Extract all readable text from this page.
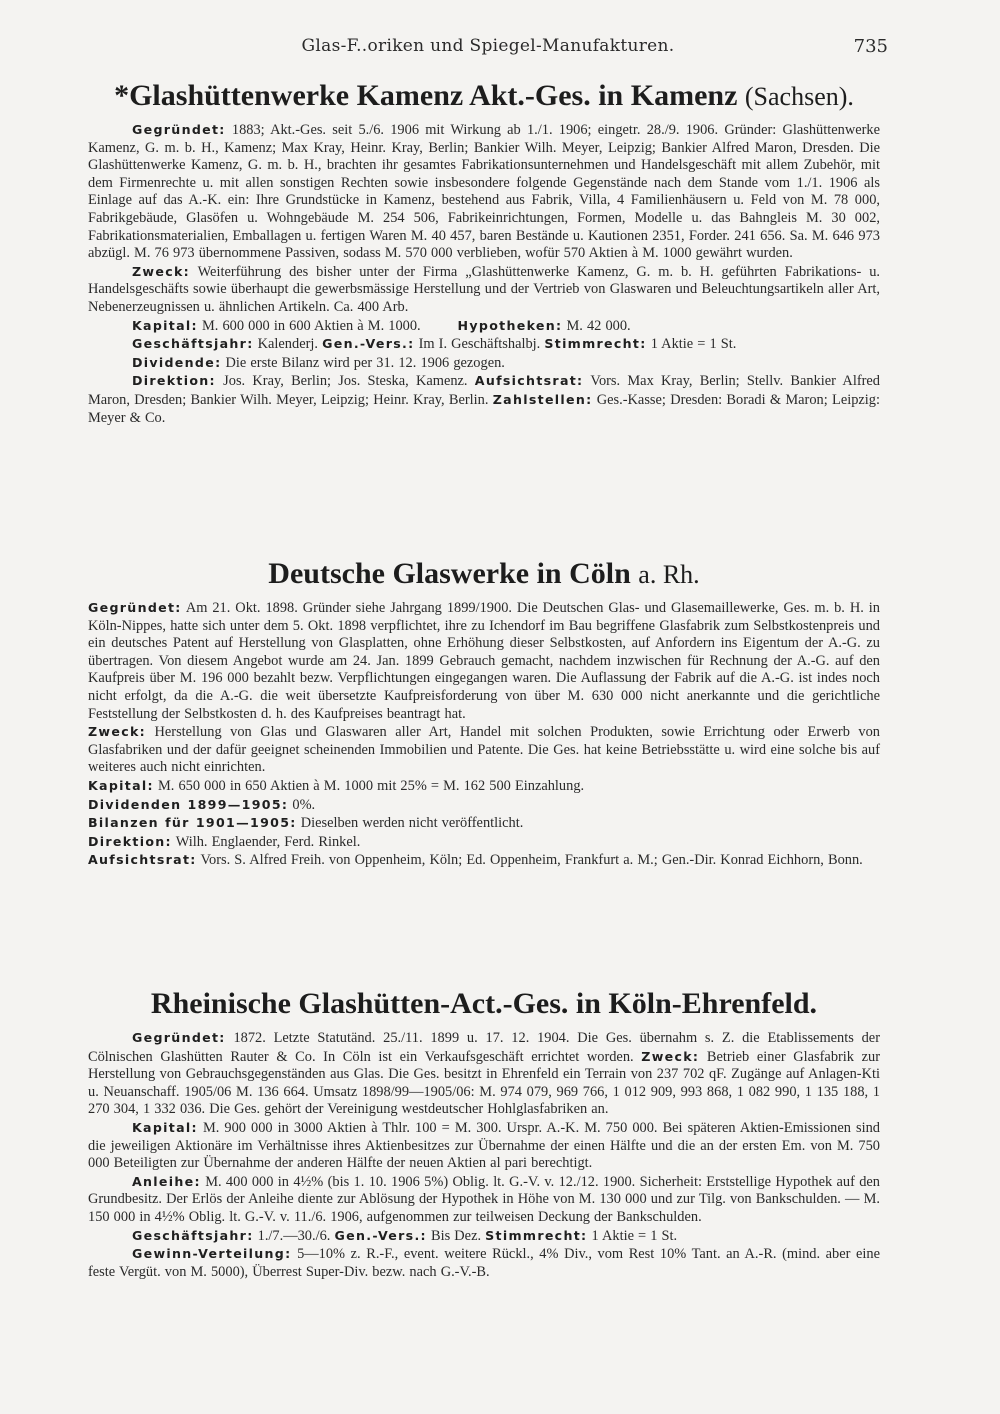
Glas-F..oriken und Spiegel-Manufakturen.	735
*Glashüttenwerke Kamenz Akt.-Ges. in Kamenz (Sachsen).

Gegründet: 1883; Akt.-Ges. seit 5./6. 1906 mit Wirkung ab 1./1. 1906; eingetr. 28./9. 1906. Gründer: Glashüttenwerke Kamenz, G. m. b. H., Kamenz; Max Kray, Heinr. Kray, Berlin; Bankier Wilh. Meyer, Leipzig; Bankier Alfred Maron, Dresden. Die Glashüttenwerke Kamenz, G. m. b. H., brachten ihr gesamtes Fabrikationsunternehmen und Handelsgeschäft mit allem Zubehör, mit dem Firmenrechte u. mit allen sonstigen Rechten sowie insbesondere folgende Gegenstände nach dem Stande vom 1./1. 1906 als Einlage auf das A.-K. ein: Ihre Grundstücke in Kamenz, bestehend aus Fabrik, Villa, 4 Familienhäusern u. Feld von M. 78 000, Fabrikgebäude, Glasöfen u. Wohngebäude M. 254 506, Fabrikeinrichtungen, Formen, Modelle u. das Bahngleis M. 30 002, Fabrikationsmaterialien, Emballagen u. fertigen Waren M. 40 457, baren Bestände u. Kautionen 2351, Forder. 241 656. Sa. M. 646 973 abzügl. M. 76 973 übernommene Passiven, sodass M. 570 000 verblieben, wofür 570 Aktien à M. 1000 gewährt wurden.

Zweck: Weiterführung des bisher unter der Firma „Glashüttenwerke Kamenz, G. m. b. H. geführten Fabrikations- u. Handelsgeschäfts sowie überhaupt die gewerbsmässige Herstellung und der Vertrieb von Glaswaren und Beleuchtungsartikeln aller Art, Nebenerzeugnissen u. ähnlichen Artikeln. Ca. 400 Arb.

Kapital: M. 600 000 in 600 Aktien à M. 1000.	Hypotheken: M. 42 000.

Geschäftsjahr: Kalenderj. Gen.-Vers.: Im I. Geschäftshalbj. Stimmrecht: 1 Aktie = 1 St.

Dividende: Die erste Bilanz wird per 31. 12. 1906 gezogen.

Direktion: Jos. Kray, Berlin; Jos. Steska, Kamenz. Aufsichtsrat: Vors. Max Kray, Berlin; Stellv. Bankier Alfred Maron, Dresden; Bankier Wilh. Meyer, Leipzig; Heinr. Kray, Berlin. Zahlstellen: Ges.-Kasse; Dresden: Boradi & Maron; Leipzig: Meyer & Co.

Deutsche Glaswerke in Cöln a. Rh.

Gegründet: Am 21. Okt. 1898. Gründer siehe Jahrgang 1899/1900. Die Deutschen Glas- und Glasemaillewerke, Ges. m. b. H. in Köln-Nippes, hatte sich unter dem 5. Okt. 1898 verpflichtet, ihre zu Ichendorf im Bau begriffene Glasfabrik zum Selbstkostenpreis und ein deutsches Patent auf Herstellung von Glasplatten, ohne Erhöhung dieser Selbstkosten, auf Anfordern ins Eigentum der A.-G. zu übertragen. Von diesem Angebot wurde am 24. Jan. 1899 Gebrauch gemacht, nachdem inzwischen für Rechnung der A.-G. auf den Kaufpreis über M. 196 000 bezahlt bezw. Verpflichtungen eingegangen waren. Die Auflassung der Fabrik auf die A.-G. ist indes noch nicht erfolgt, da die A.-G. die weit übersetzte Kaufpreisforderung von über M. 630 000 nicht anerkannte und die gerichtliche Feststellung der Selbstkosten d. h. des Kaufpreises beantragt hat.

Zweck: Herstellung von Glas und Glaswaren aller Art, Handel mit solchen Produkten, sowie Errichtung oder Erwerb von Glasfabriken und der dafür geeignet scheinenden Immobilien und Patente. Die Ges. hat keine Betriebsstätte u. wird eine solche bis auf weiteres auch nicht einrichten.

Kapital: M. 650 000 in 650 Aktien à M. 1000 mit 25% = M. 162 500 Einzahlung.

Dividenden 1899—1905: 0%.

Bilanzen für 1901—1905: Dieselben werden nicht veröffentlicht.

Direktion: Wilh. Englaender, Ferd. Rinkel.

Aufsichtsrat: Vors. S. Alfred Freih. von Oppenheim, Köln; Ed. Oppenheim, Frankfurt a. M.; Gen.-Dir. Konrad Eichhorn, Bonn.

Rheinische Glashütten-Act.-Ges. in Köln-Ehrenfeld.

Gegründet: 1872. Letzte Statutänd. 25./11. 1899 u. 17. 12. 1904. Die Ges. übernahm s. Z. die Etablissements der Cölnischen Glashütten Rauter & Co. In Cöln ist ein Verkaufsgeschäft errichtet worden. Zweck: Betrieb einer Glasfabrik zur Herstellung von Gebrauchsgegenständen aus Glas. Die Ges. besitzt in Ehrenfeld ein Terrain von 237 702 qF. Zugänge auf Anlagen-Kti u. Neuanschaff. 1905/06 M. 136 664. Umsatz 1898/99—1905/06: M. 974 079, 969 766, 1 012 909, 993 868, 1 082 990, 1 135 188, 1 270 304, 1 332 036. Die Ges. gehört der Vereinigung westdeutscher Hohlglasfabriken an.

Kapital: M. 900 000 in 3000 Aktien à Thlr. 100 = M. 300. Urspr. A.-K. M. 750 000. Bei späteren Aktien-Emissionen sind die jeweiligen Aktionäre im Verhältnisse ihres Aktienbesitzes zur Übernahme der einen Hälfte und die an der ersten Em. von M. 750 000 Beteiligten zur Übernahme der anderen Hälfte der neuen Aktien al pari berechtigt.

Anleihe: M. 400 000 in 4½% (bis 1. 10. 1906 5%) Oblig. lt. G.-V. v. 12./12. 1900. Sicherheit: Erststellige Hypothek auf den Grundbesitz. Der Erlös der Anleihe diente zur Ablösung der Hypothek in Höhe von M. 130 000 und zur Tilg. von Bankschulden. — M. 150 000 in 4½% Oblig. lt. G.-V. v. 11./6. 1906, aufgenommen zur teilweisen Deckung der Bankschulden.

Geschäftsjahr: 1./7.—30./6. Gen.-Vers.: Bis Dez. Stimmrecht: 1 Aktie = 1 St.

Gewinn-Verteilung: 5—10% z. R.-F., event. weitere Rückl., 4% Div., vom Rest 10% Tant. an A.-R. (mind. aber eine feste Vergüt. von M. 5000), Überrest Super-Div. bezw. nach G.-V.-B.
